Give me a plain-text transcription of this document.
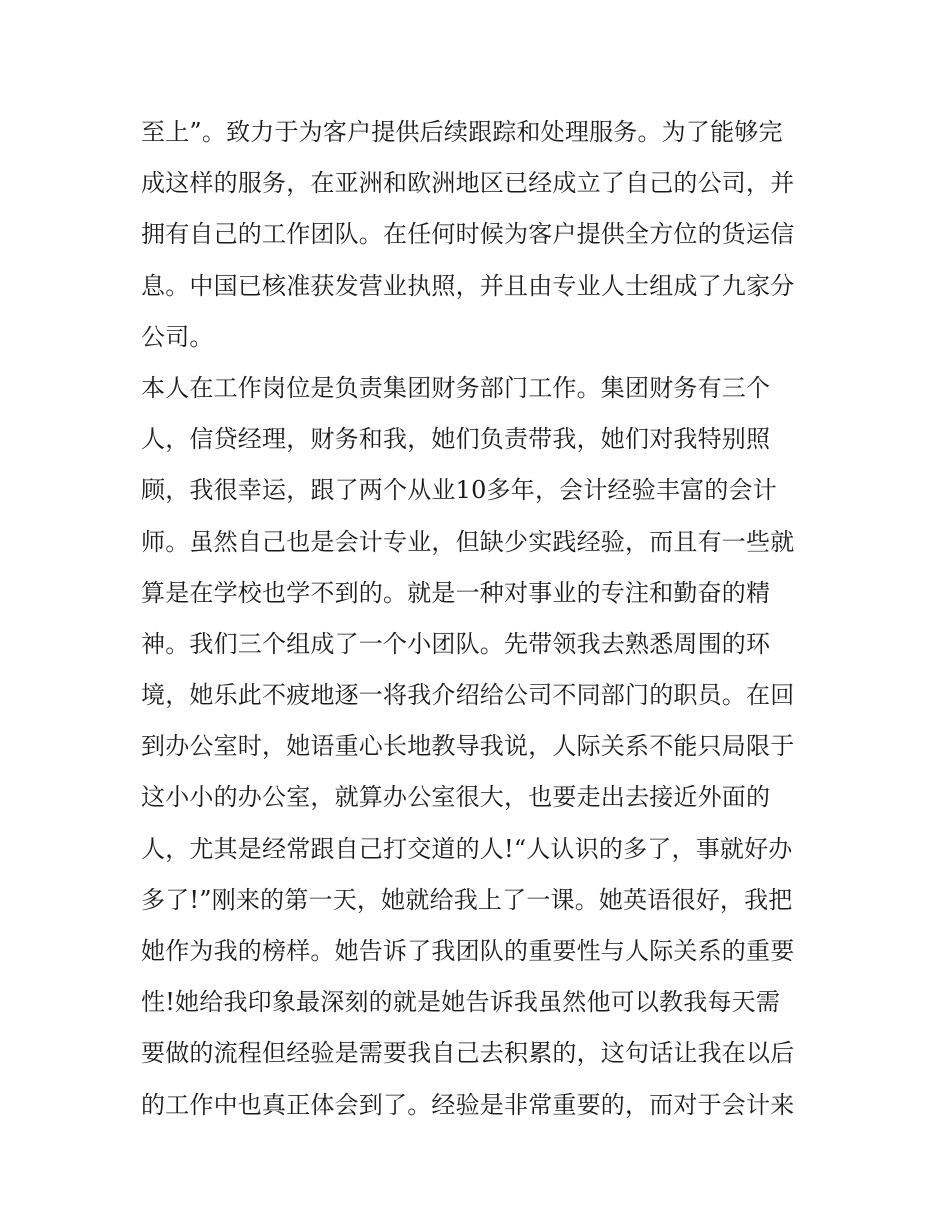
至上”。致力于为客户提供后续跟踪和处理服务。为了能够完
成这样的服务，在亚洲和欧洲地区已经成立了自己的公司，并
拥有自己的工作团队。在任何时候为客户提供全方位的货运信
息。中国已核准获发营业执照，并且由专业人士组成了九家分
公司。
本人在工作岗位是负责集团财务部门工作。集团财务有三个
人，信贷经理，财务和我，她们负责带我，她们对我特别照
顾，我很幸运，跟了两个从业10多年，会计经验丰富的会计
师。虽然自己也是会计专业，但缺少实践经验，而且有一些就
算是在学校也学不到的。就是一种对事业的专注和勤奋的精
神。我们三个组成了一个小团队。先带领我去熟悉周围的环
境，她乐此不疲地逐一将我介绍给公司不同部门的职员。在回
到办公室时，她语重心长地教导我说，人际关系不能只局限于
这小小的办公室，就算办公室很大，也要走出去接近外面的
人，尤其是经常跟自己打交道的人!“人认识的多了，事就好办
多了!”刚来的第一天，她就给我上了一课。她英语很好，我把
她作为我的榜样。她告诉了我团队的重要性与人际关系的重要
性!她给我印象最深刻的就是她告诉我虽然他可以教我每天需
要做的流程但经验是需要我自己去积累的，这句话让我在以后
的工作中也真正体会到了。经验是非常重要的，而对于会计来
